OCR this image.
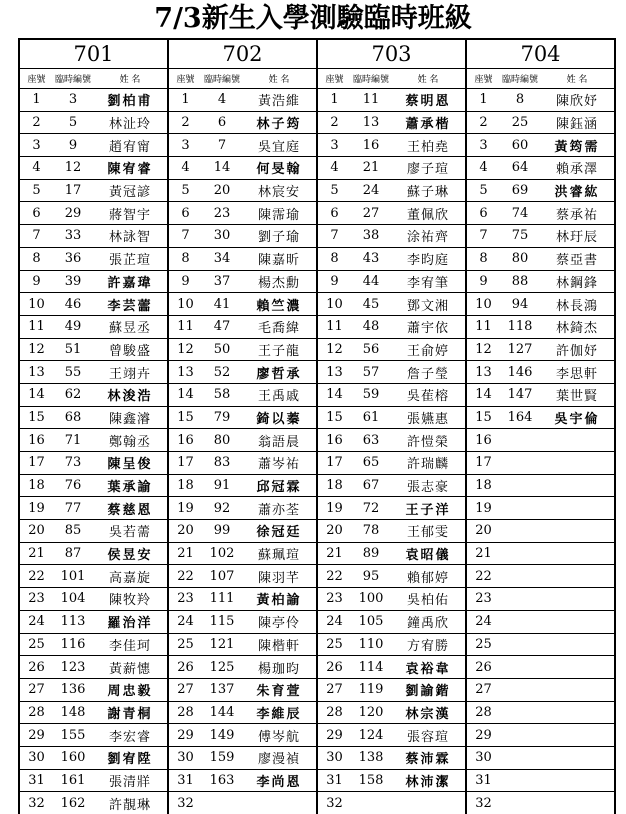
7/3新生入學測驗臨時班級
701			702			703			704		
座號	臨時編號	姓 名	座號	臨時編號	姓 名	座號	臨時編號	姓 名	座號	臨時編號	姓 名
1	3	劉柏甫	1	4	黃浩維	1	11	蔡明恩	1	8	陳欣妤
2	5	林沚玲	2	6	林子筠	2	13	蕭承楷	2	25	陳鈺涵
3	9	趙宥甯	3	7	吳宜庭	3	16	王柏堯	3	60	黃筠需
4	12	陳宥睿	4	14	何旻翰	4	21	廖子瑄	4	64	賴承澤
5	17	黃冠諺	5	20	林宸安	5	24	蘇子琳	5	69	洪睿紘
6	29	蔣智宇	6	23	陳霈瑜	6	27	董佩欣	6	74	蔡承祐
7	33	林詠智	7	30	劉子瑜	7	38	涂祐齊	7	75	林玗辰
8	36	張芷瑄	8	34	陳嘉昕	8	43	李昀庭	8	80	蔡亞書
9	39	許嘉瑋	9	37	楊杰勳	9	44	李宥筆	9	88	林鋼鋒
10	46	李芸蘦	10	41	賴竺濃	10	45	鄧文湘	10	94	林長鴻
11	49	蘇昱丞	11	47	毛喬緯	11	48	蕭宇依	11	118	林錡杰
12	51	曾駿盛	12	50	王子龍	12	56	王俞婷	12	127	許伽妤
13	55	王翊卉	13	52	廖哲承	13	57	詹子瑩	13	146	李思軒
14	62	林浚浩	14	58	王禹戚	14	59	吳萑榕	14	147	葉世賢
15	68	陳鑫濬	15	79	錡以蓁	15	61	張嬿惠	15	164	吳宇倫
16	71	鄭翰丞	16	80	翁語晨	16	63	許愷榮	16		
17	73	陳呈俊	17	83	蕭岑祐	17	65	許瑞麟	17		
18	76	葉承諭	18	91	邱冠霖	18	67	張志豪	18		
19	77	蔡慈恩	19	92	蕭亦荃	19	72	王子洋	19		
20	85	吳若薷	20	99	徐冠廷	20	78	王郁雯	20		
21	87	侯昱安	21	102	蘇珮瑄	21	89	袁昭儀	21		
22	101	高嘉旋	22	107	陳羽芊	22	95	賴郁婷	22		
23	104	陳牧羚	23	111	黃柏諭	23	100	吳柏佑	23		
24	113	羅治洋	24	115	陳亭伶	24	105	鐘禹欣	24		
25	116	李佳珂	25	121	陳楷軒	25	110	方宥勝	25		
26	123	黃薪憓	26	125	楊珈昀	26	114	袁裕韋	26		
27	136	周忠毅	27	137	朱育萱	27	119	劉諭鍇	27		
28	148	謝青桐	28	144	李維辰	28	120	林宗漢	28		
29	155	李宏睿	29	149	傅岑航	29	124	張容瑄	29		
30	160	劉宥陞	30	159	廖漫禎	30	138	蔡沛霖	30		
31	161	張清牂	31	163	李尚恩	31	158	林沛潔	31		
32	162	許靚琳	32			32			32		
